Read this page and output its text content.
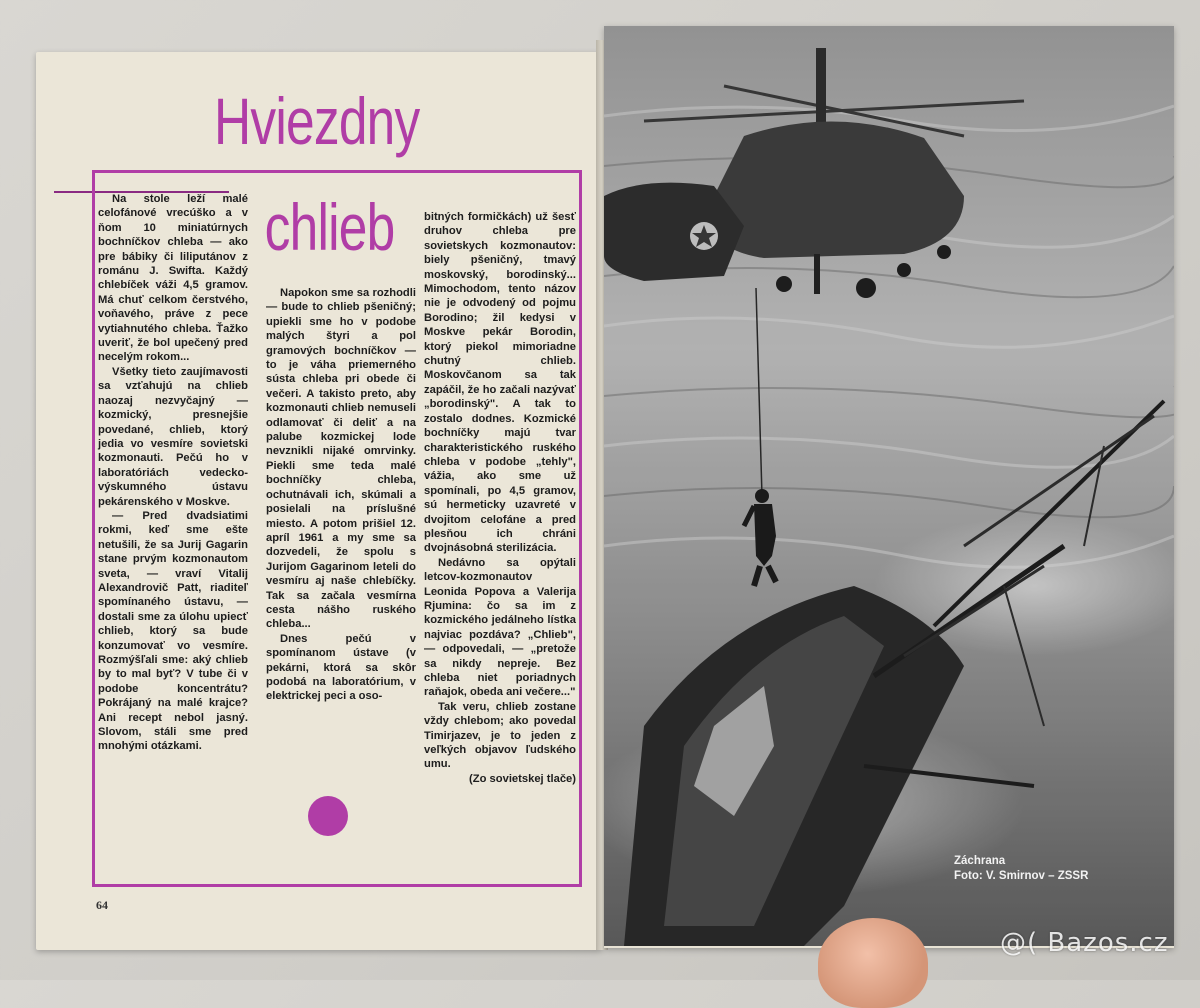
Hviezdny
chlieb

Na stole leží malé celofánové vrecúško a v ňom 10 miniatúrnych bochníčkov chleba — ako pre bábiky či liliputánov z románu J. Swifta. Každý chlebíček váži 4,5 gramov. Má chuť celkom čerstvého, voňavého, práve z pece vytiahnutého chleba. Ťažko uveriť, že bol upečený pred necelým rokom...

Všetky tieto zaujímavosti sa vzťahujú na chlieb naozaj nezvyčajný — kozmický, presnejšie povedané, chlieb, ktorý jedia vo vesmíre sovietski kozmonauti. Pečú ho v laboratóriách vedecko-výskumného ústavu pekárenského v Moskve.

— Pred dvadsiatimi rokmi, keď sme ešte netušili, že sa Jurij Gagarin stane prvým kozmonautom sveta, — vraví Vitalij Alexandrovič Patt, riaditeľ spomínaného ústavu, — dostali sme za úlohu upiecť chlieb, ktorý sa bude konzumovať vo vesmíre. Rozmýšľali sme: aký chlieb by to mal byť? V tube či v podobe koncentrátu? Pokrájaný na malé krajce? Ani recept nebol jasný. Slovom, stáli sme pred mnohými otázkami.

Napokon sme sa rozhodli — bude to chlieb pšeničný; upiekli sme ho v podobe malých štyri a pol gramových bochníčkov — to je váha priemerného sústa chleba pri obede či večeri. A takisto preto, aby kozmonauti chlieb nemuseli odlamovať či deliť a na palube kozmickej lode nevznikli nijaké omrvinky. Piekli sme teda malé bochníčky chleba, ochutnávali ich, skúmali a posielali na príslušné miesto. A potom prišiel 12. apríl 1961 a my sme sa dozvedeli, že spolu s Jurijom Gagarinom leteli do vesmíru aj naše chlebíčky. Tak sa začala vesmírna cesta nášho ruského chleba...

Dnes pečú v spomínanom ústave (v pekárni, ktorá sa skôr podobá na laboratórium, v elektrickej peci a oso-

bitných formičkách) už šesť druhov chleba pre sovietskych kozmonautov: biely pšeničný, tmavý moskovský, borodinský... Mimochodom, tento názov nie je odvodený od pojmu Borodino; žil kedysi v Moskve pekár Borodin, ktorý piekol mimoriadne chutný chlieb. Moskovčanom sa tak zapáčil, že ho začali nazývať „borodinský". A tak to zostalo dodnes. Kozmické bochníčky majú tvar charakteristického ruského chleba v podobe „tehly", vážia, ako sme už spomínali, po 4,5 gramov, sú hermeticky uzavreté v dvojitom celofáne a pred plesňou ich chráni dvojnásobná sterilizácia.

Nedávno sa opýtali letcov-kozmonautov Leonida Popova a Valerija Rjumina: čo sa im z kozmického jedálneho lístka najviac pozdáva? „Chlieb", — odpovedali, — „pretože sa nikdy neprejе. Bez chleba niet poriadnych raňajok, obeda ani večere..."

Tak veru, chlieb zostane vždy chlebom; ako povedal Timirjazev, je to jeden z veľkých objavov ľudského umu.

(Zo sovietskej tlače)

64
Záchrana
Foto: V. Smirnov – ZSSR
@( Bazos.cz
